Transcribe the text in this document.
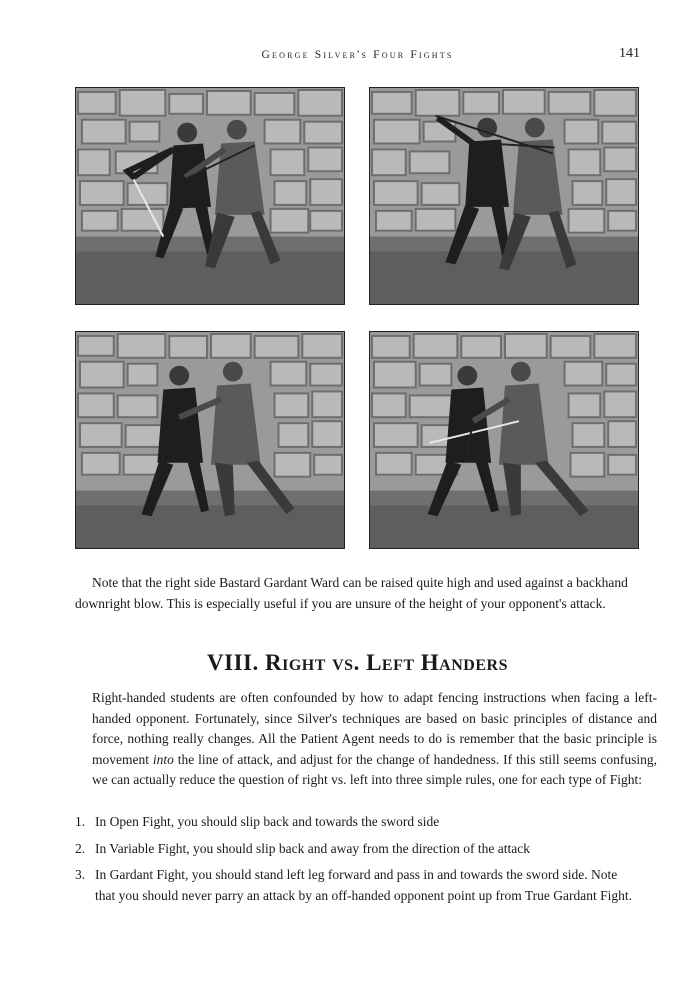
George Silver's Four Fights	141

Note that the right side Bastard Gardant Ward can be raised quite high and used against a backhand downright blow. This is especially useful if you are unsure of the height of your opponent's attack.

VIII. Right vs. Left Handers

Right-handed students are often confounded by how to adapt fencing instructions when facing a left-handed opponent. Fortunately, since Silver's techniques are based on basic principles of distance and force, nothing really changes. All the Patient Agent needs to do is remember that the basic principle is movement into the line of attack, and adjust for the change of handedness. If this still seems confusing, we can actually reduce the question of right vs. left into three simple rules, one for each type of Fight:

1. In Open Fight, you should slip back and towards the sword side
2. In Variable Fight, you should slip back and away from the direction of the attack
3. In Gardant Fight, you should stand left leg forward and pass in and towards the sword side. Note that you should never parry an attack by an off-handed opponent point up from True Gardant Fight.
